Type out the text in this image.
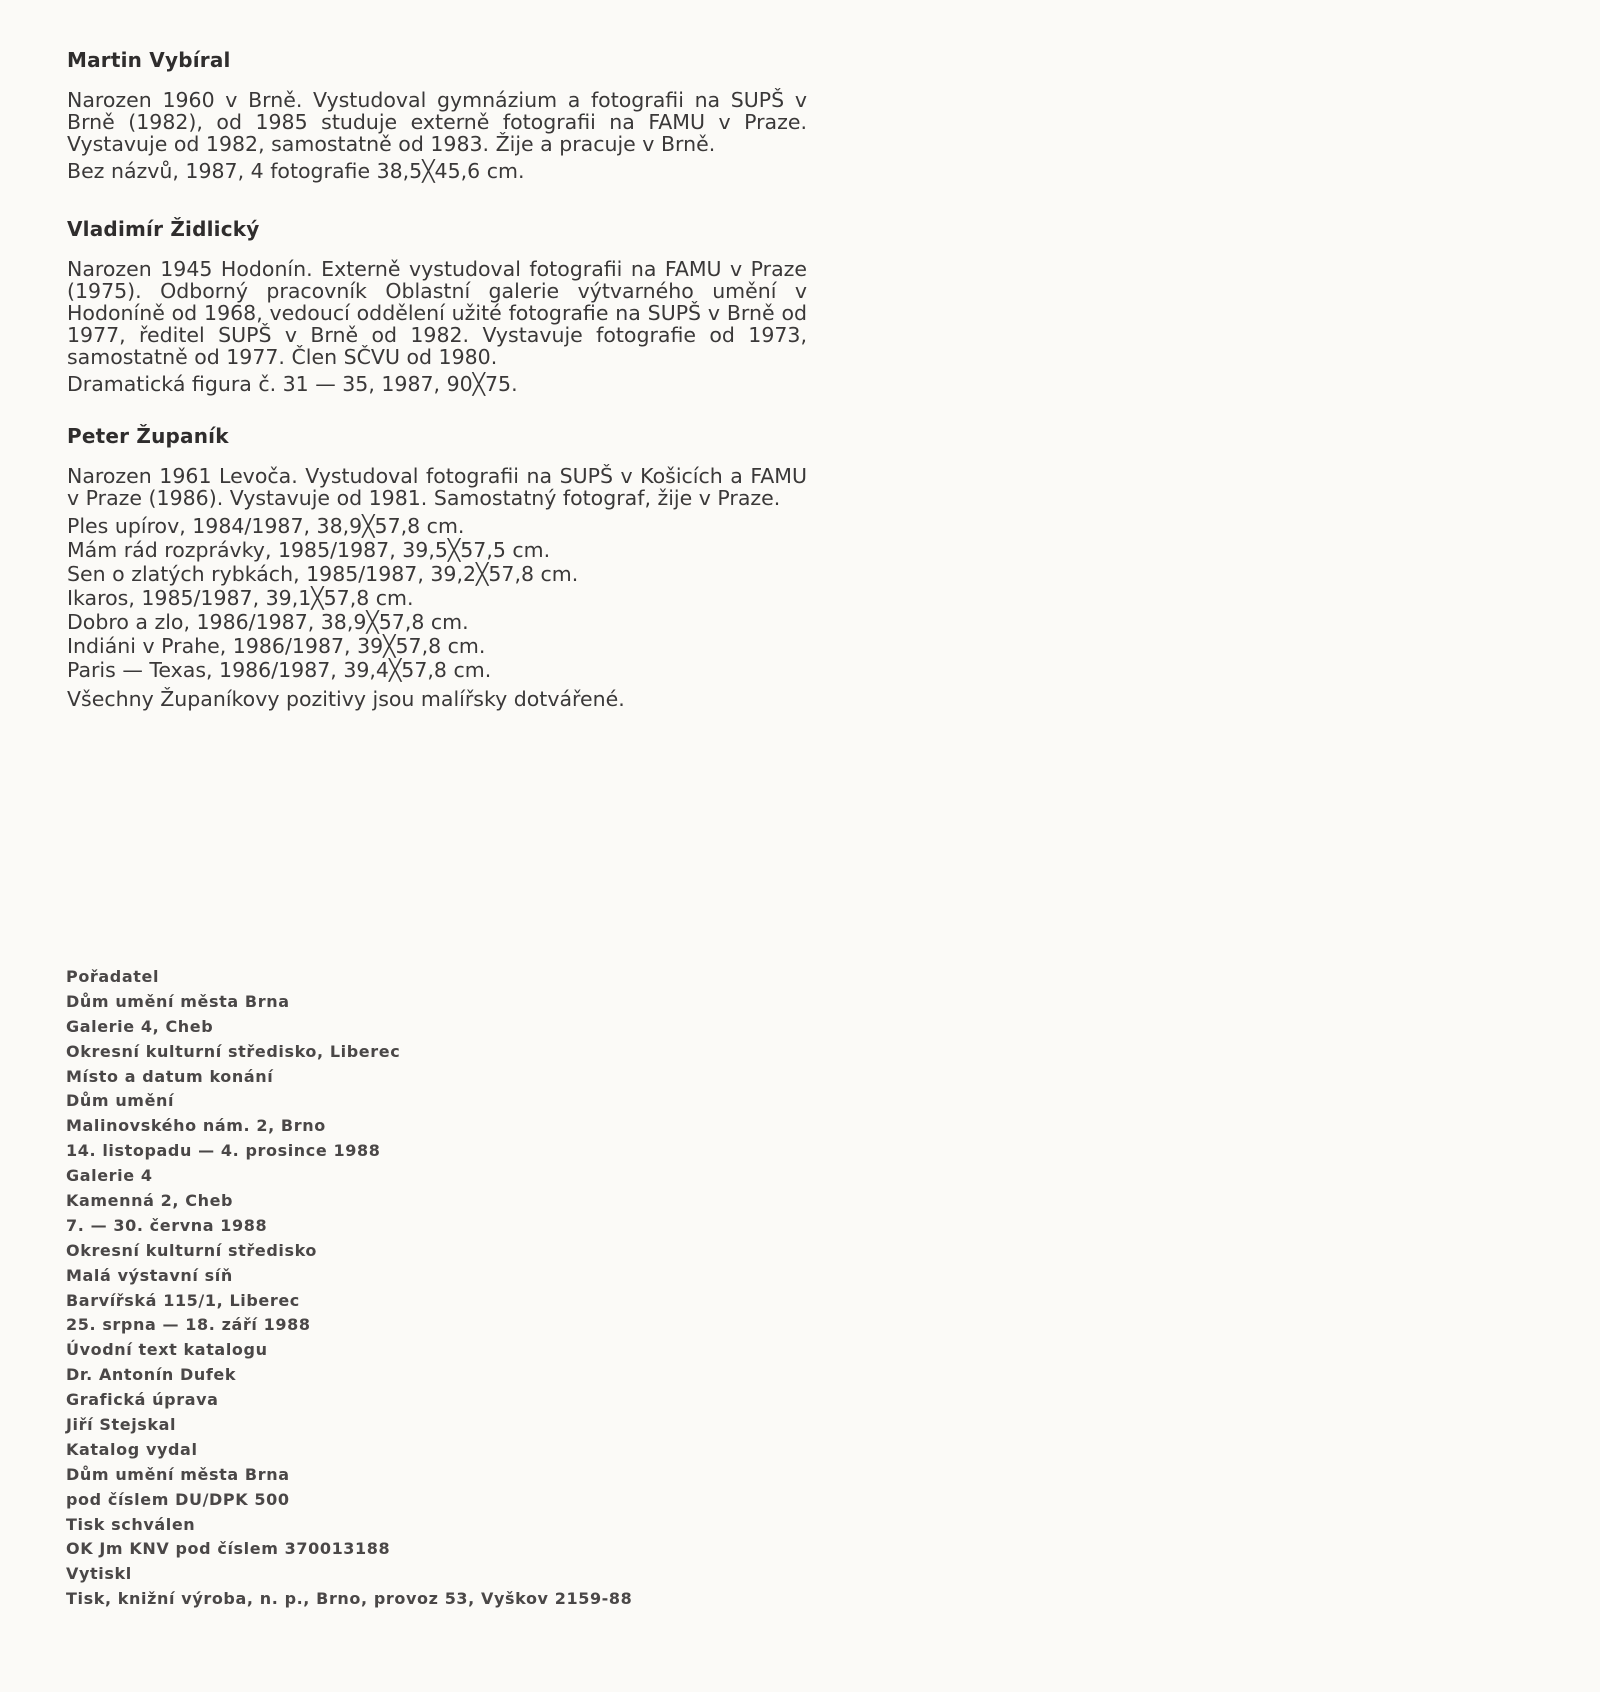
Martin Vybíral

Narozen 1960 v Brně. Vystudoval gymnázium a fotografii na SUPŠ v Brně (1982), od 1985 studuje externě fotografii na FAMU v Praze. Vystavuje od 1982, samostatně od 1983. Žije a pracuje v Brně.

Bez názvů, 1987, 4 fotografie 38,5╳45,6 cm.
Vladimír Židlický

Narozen 1945 Hodonín. Externě vystudoval fotografii na FAMU v Praze (1975). Odborný pracovník Oblastní galerie výtvarného umění v Hodoníně od 1968, vedoucí oddělení užité fotografie na SUPŠ v Brně od 1977, ředitel SUPŠ v Brně od 1982. Vystavuje fotografie od 1973, samostatně od 1977. Člen SČVU od 1980.

Dramatická figura č. 31 — 35, 1987, 90╳75.
Peter Županík

Narozen 1961 Levoča. Vystudoval fotografii na SUPŠ v Košicích a FAMU v Praze (1986). Vystavuje od 1981. Samostatný fotograf, žije v Praze.

Ples upírov, 1984/1987, 38,9╳57,8 cm.
Mám rád rozprávky, 1985/1987, 39,5╳57,5 cm.
Sen o zlatých rybkách, 1985/1987, 39,2╳57,8 cm.
Ikaros, 1985/1987, 39,1╳57,8 cm.
Dobro a zlo, 1986/1987, 38,9╳57,8 cm.
Indiáni v Prahe, 1986/1987, 39╳57,8 cm.
Paris — Texas, 1986/1987, 39,4╳57,8 cm.

Všechny Županíkovy pozitivy jsou malířsky dotvářené.

Pořadatel
Dům umění města Brna
Galerie 4, Cheb
Okresní kulturní středisko, Liberec
Místo a datum konání
Dům umění
Malinovského nám. 2, Brno
14. listopadu — 4. prosince 1988
Galerie 4
Kamenná 2, Cheb
7. — 30. června 1988
Okresní kulturní středisko
Malá výstavní síň
Barvířská 115/1, Liberec
25. srpna — 18. září 1988
Úvodní text katalogu
Dr. Antonín Dufek
Grafická úprava
Jiří Stejskal
Katalog vydal
Dům umění města Brna
pod číslem DU/DPK 500
Tisk schválen
OK Jm KNV pod číslem 370013188
Vytiskl
Tisk, knižní výroba, n. p., Brno, provoz 53, Vyškov 2159-88
